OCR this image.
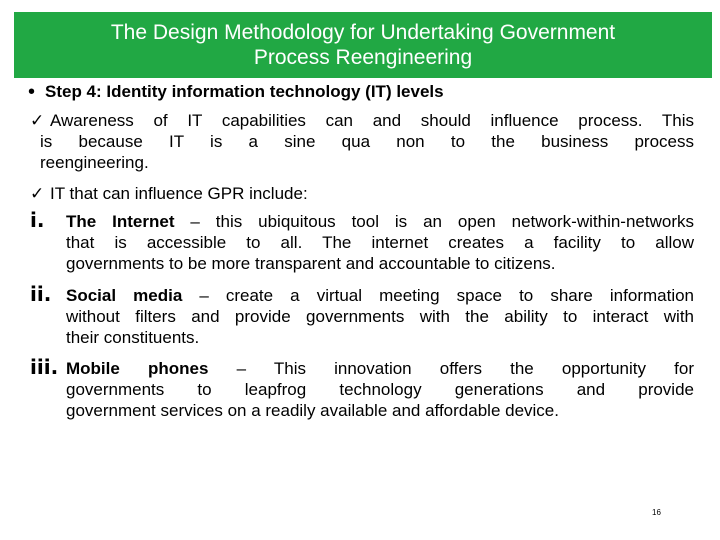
The Design Methodology for Undertaking Government
Process Reengineering
• Step 4: Identity information technology (IT) levels
✓ Awareness of IT capabilities can and should influence process. This
is because IT is a sine qua non to the business process
reengineering.
✓ IT that can influence GPR include:
i. The Internet – this ubiquitous tool is an open network-within-networks
that is accessible to all. The internet creates a facility to allow
governments to be more transparent and accountable to citizens.
ii. Social media – create a virtual meeting space to share information
without filters and provide governments with the ability to interact with
their constituents.
iii. Mobile phones – This innovation offers the opportunity for
governments to leapfrog technology generations and provide
government services on a readily available and affordable device.
16
